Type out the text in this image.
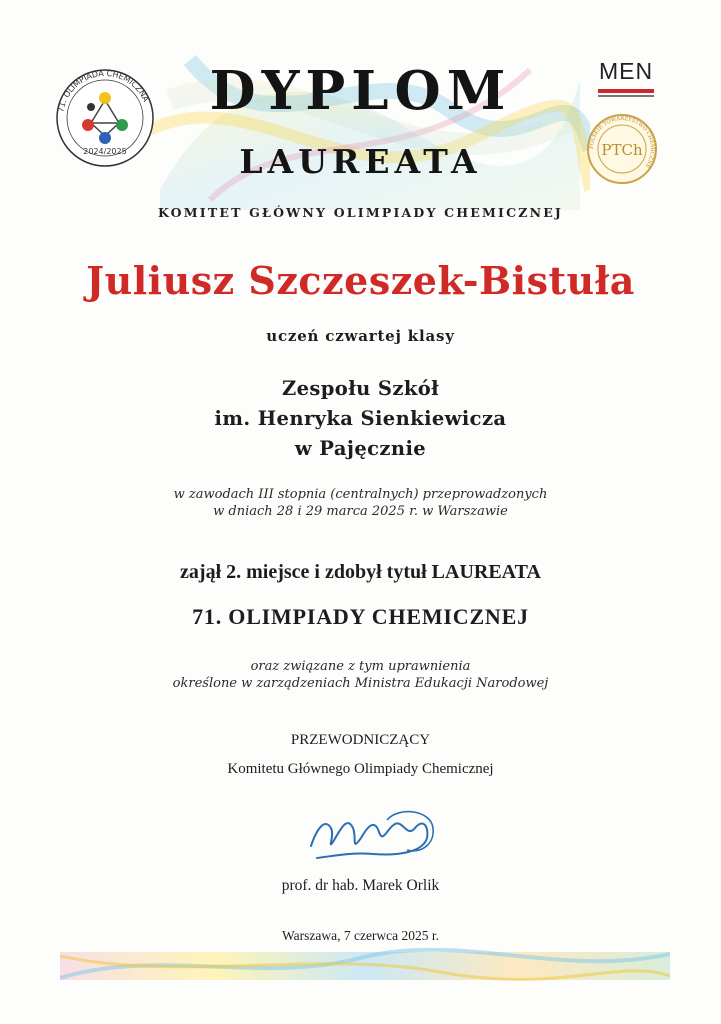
71. OLIMPIADA CHEMICZNA
2024/2025
MEN
POLSKIE TOWARZYSTWO CHEMICZNE
PTCh
DYPLOM
LAUREATA
KOMITET GŁÓWNY OLIMPIADY CHEMICZNEJ
Juliusz Szczeszek-Bistuła
uczeń czwartej klasy
Zespołu Szkół
im. Henryka Sienkiewicza
w Pajęcznie
w zawodach III stopnia (centralnych) przeprowadzonych
w dniach 28 i 29 marca 2025 r. w Warszawie
zajął 2. miejsce i zdobył tytuł LAUREATA
71. OLIMPIADY CHEMICZNEJ
oraz związane z tym uprawnienia
określone w zarządzeniach Ministra Edukacji Narodowej
PRZEWODNICZĄCY
Komitetu Głównego Olimpiady Chemicznej
prof. dr hab. Marek Orlik
Warszawa, 7 czerwca 2025 r.
